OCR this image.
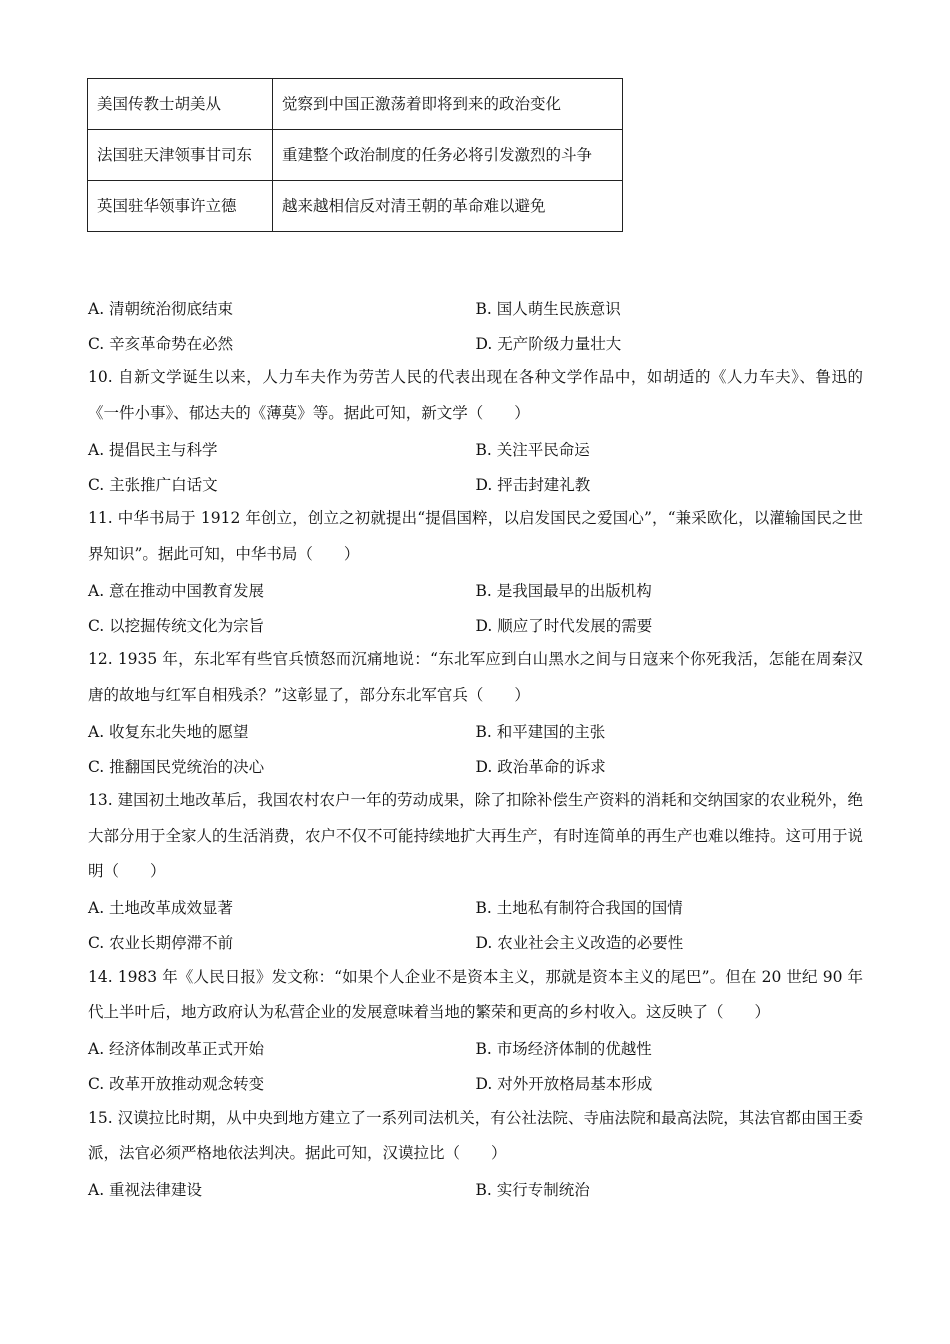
美国传教士胡美从	觉察到中国正激荡着即将到来的政治变化
法国驻天津领事甘司东	重建整个政治制度的任务必将引发激烈的斗争
英国驻华领事许立德	越来越相信反对清王朝的革命难以避免
A. 清朝统治彻底结束	B. 国人萌生民族意识
C. 辛亥革命势在必然	D. 无产阶级力量壮大
10. 自新文学诞生以来，人力车夫作为劳苦人民的代表出现在各种文学作品中，如胡适的《人力车夫》、鲁迅的《一件小事》、郁达夫的《薄莫》等。据此可知，新文学（　　）
A. 提倡民主与科学	B. 关注平民命运
C. 主张推广白话文	D. 抨击封建礼教
11. 中华书局于 1912 年创立，创立之初就提出“提倡国粹，以启发国民之爱国心”，“兼采欧化，以灌输国民之世界知识”。据此可知，中华书局（　　）
A. 意在推动中国教育发展	B. 是我国最早的出版机构
C. 以挖掘传统文化为宗旨	D. 顺应了时代发展的需要
12. 1935 年，东北军有些官兵愤怒而沉痛地说：“东北军应到白山黑水之间与日寇来个你死我活，怎能在周秦汉唐的故地与红军自相残杀？”这彰显了，部分东北军官兵（　　）
A. 收复东北失地的愿望	B. 和平建国的主张
C. 推翻国民党统治的决心	D. 政治革命的诉求
13. 建国初土地改革后，我国农村农户一年的劳动成果，除了扣除补偿生产资料的消耗和交纳国家的农业税外，绝大部分用于全家人的生活消费，农户不仅不可能持续地扩大再生产，有时连简单的再生产也难以维持。这可用于说明（　　）
A. 土地改革成效显著	B. 土地私有制符合我国的国情
C. 农业长期停滞不前	D. 农业社会主义改造的必要性
14. 1983 年《人民日报》发文称：“如果个人企业不是资本主义，那就是资本主义的尾巴”。但在 20 世纪 90 年代上半叶后，地方政府认为私营企业的发展意味着当地的繁荣和更高的乡村收入。这反映了（　　）
A. 经济体制改革正式开始	B. 市场经济体制的优越性
C. 改革开放推动观念转变	D. 对外开放格局基本形成
15. 汉谟拉比时期，从中央到地方建立了一系列司法机关，有公社法院、寺庙法院和最高法院，其法官都由国王委派，法官必须严格地依法判决。据此可知，汉谟拉比（　　）
A. 重视法律建设	B. 实行专制统治
